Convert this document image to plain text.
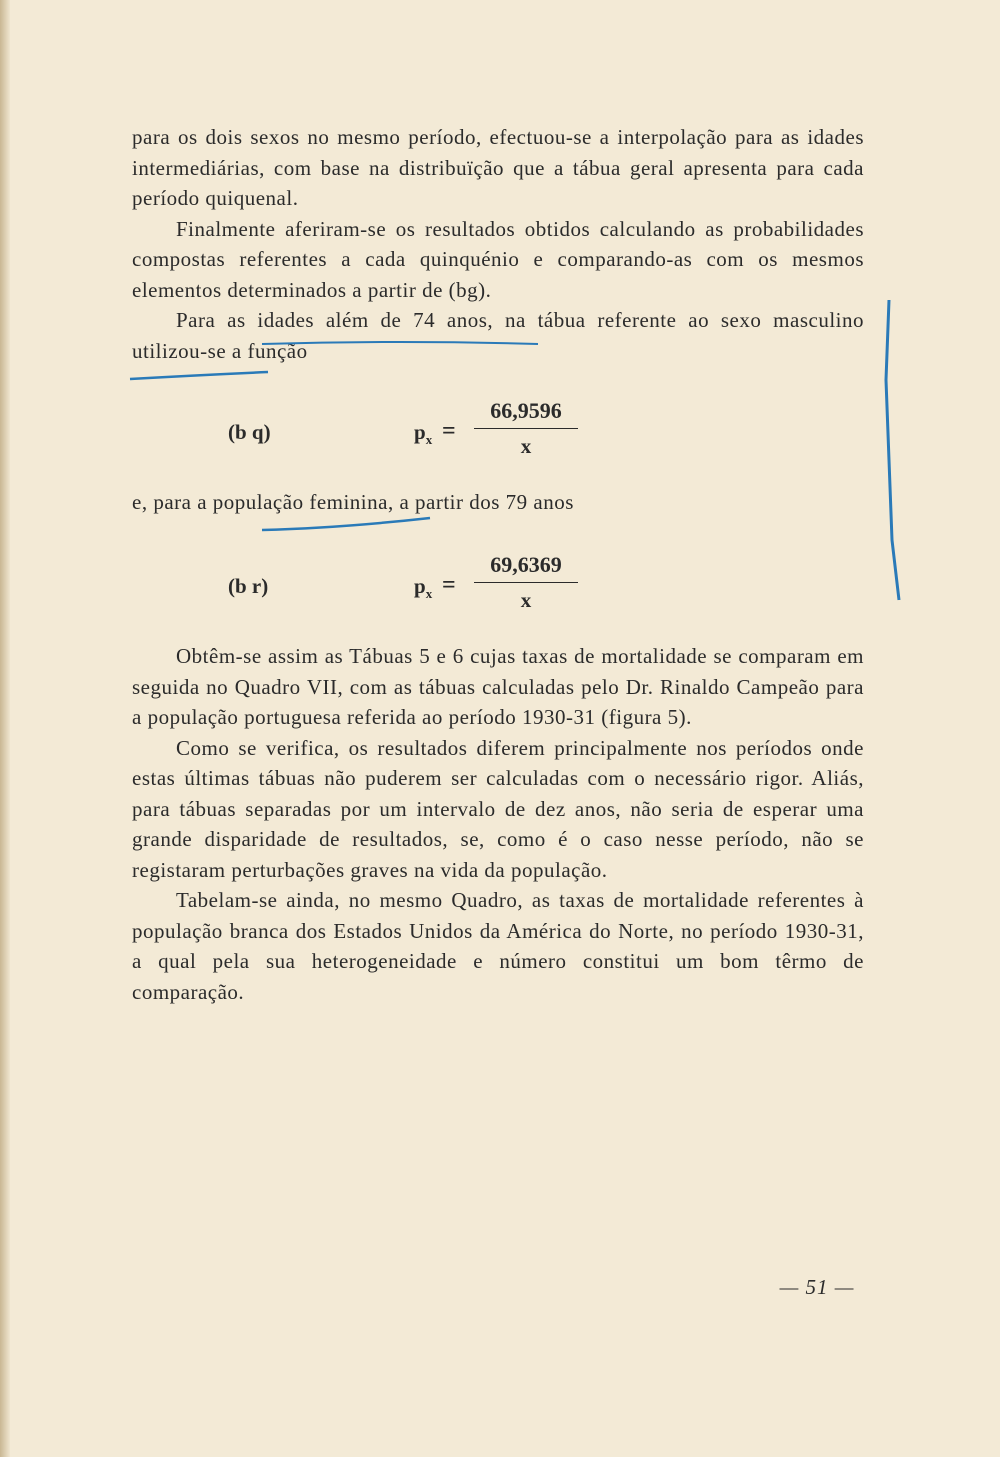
para os dois sexos no mesmo período, efectuou-se a interpolação para as idades intermediárias, com base na distribuïção que a tábua geral apresenta para cada período quiquenal.

Finalmente aferiram-se os resultados obtidos calculando as probabilidades compostas referentes a cada quinquénio e comparando-as com os mesmos elementos determinados a partir de (bg).

Para as idades além de 74 anos, na tábua referente ao sexo masculino utilizou-se a função

(b q)	$p_x$ =
66,9596
x

e, para a população feminina, a partir dos 79 anos

(b r)	$p_x$ =
69,6369
x

Obtêm-se assim as Tábuas 5 e 6 cujas taxas de mortalidade se comparam em seguida no Quadro VII, com as tábuas calculadas pelo Dr. Rinaldo Campeão para a população portuguesa referida ao período 1930-31 (figura 5).

Como se verifica, os resultados diferem principalmente nos períodos onde estas últimas tábuas não puderem ser calculadas com o necessário rigor. Aliás, para tábuas separadas por um intervalo de dez anos, não seria de esperar uma grande disparidade de resultados, se, como é o caso nesse período, não se registaram perturbações graves na vida da população.

Tabelam-se ainda, no mesmo Quadro, as taxas de mortalidade referentes à população branca dos Estados Unidos da América do Norte, no período 1930-31, a qual pela sua heterogeneidade e número constitui um bom têrmo de comparação.

— 51 —
